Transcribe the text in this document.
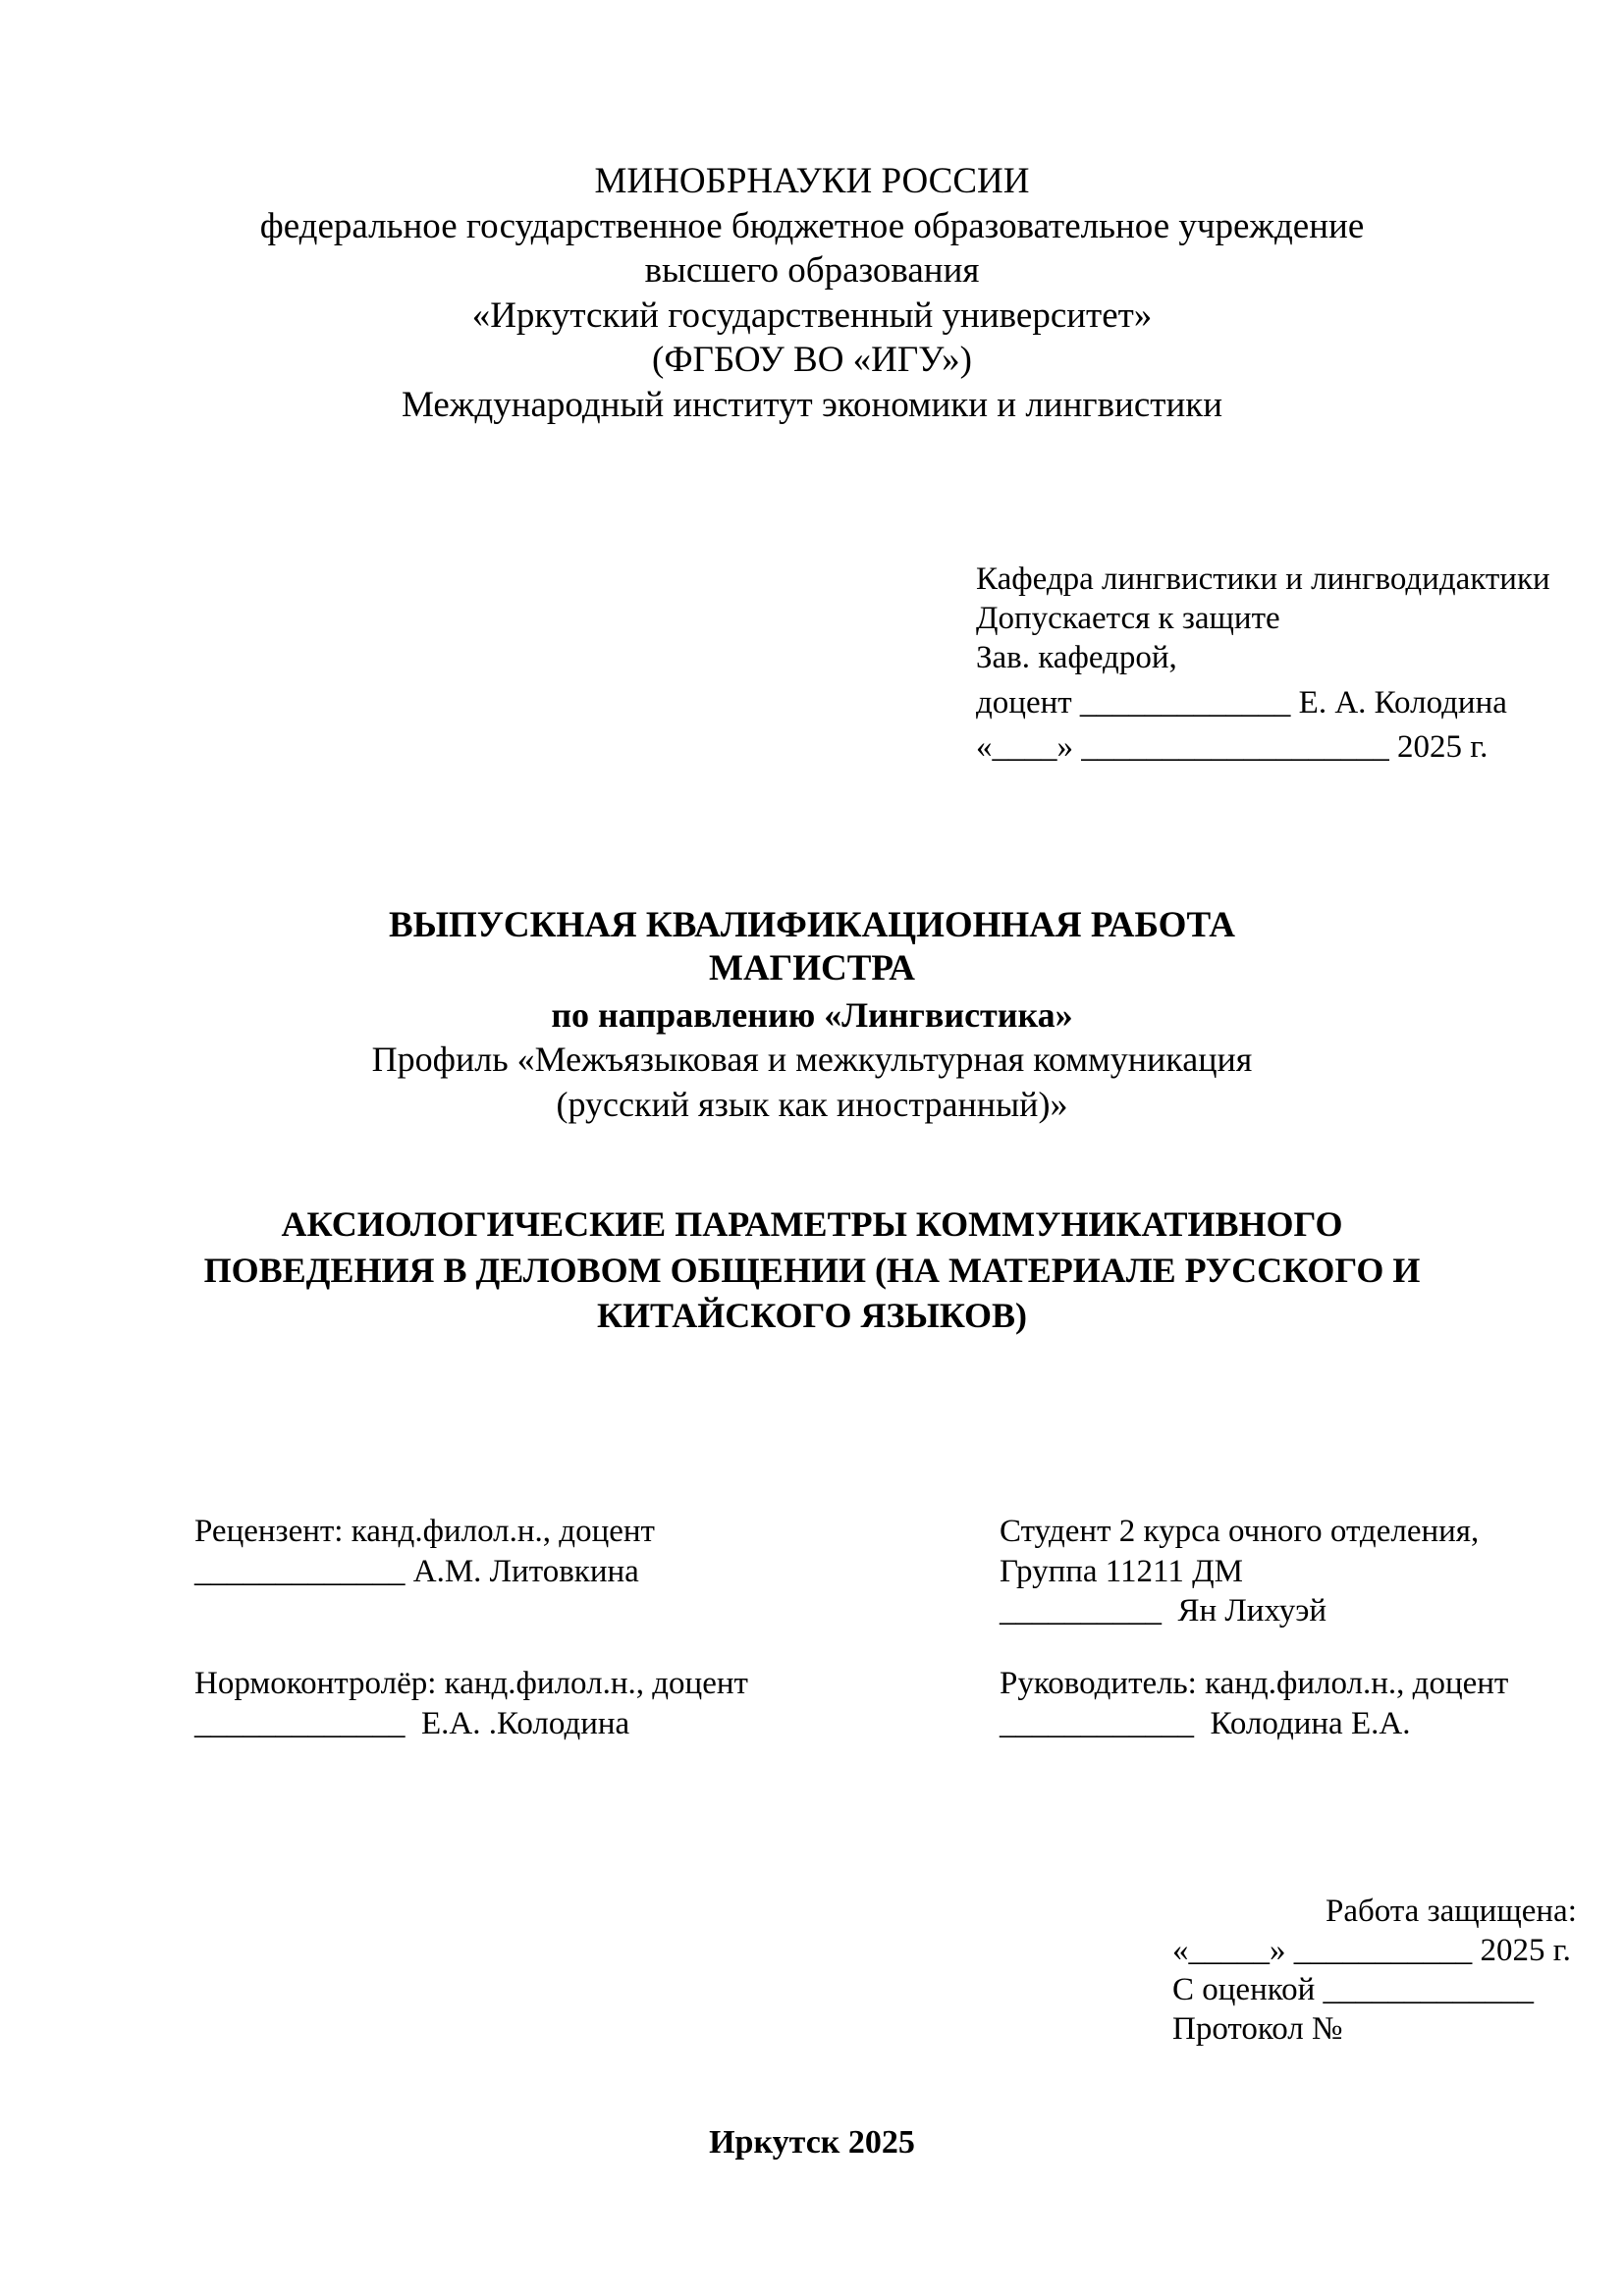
МИНОБРНАУКИ РОССИИ
федеральное государственное бюджетное образовательное учреждение
высшего образования
«Иркутский государственный университет»
(ФГБОУ ВО «ИГУ»)
Международный институт экономики и лингвистики
Кафедра лингвистики и лингводидактики
Допускается к защите
Зав. кафедрой,
доцент _____________ Е. А. Колодина
«____» ___________________ 2025 г.
ВЫПУСКНАЯ КВАЛИФИКАЦИОННАЯ РАБОТА
МАГИСТРА
по направлению «Лингвистика»
Профиль «Межъязыковая и межкультурная коммуникация
(русский язык как иностранный)»
АКСИОЛОГИЧЕСКИЕ ПАРАМЕТРЫ КОММУНИКАТИВНОГО
ПОВЕДЕНИЯ В ДЕЛОВОМ ОБЩЕНИИ (НА МАТЕРИАЛЕ РУССКОГО И
КИТАЙСКОГО ЯЗЫКОВ)
Рецензент: канд.филол.н., доцент
_____________ А.М. Литовкина
Студент 2 курса очного отделения,
Группа 11211 ДМ
__________  Ян Лихуэй
Нормоконтролёр: канд.филол.н., доцент
_____________  Е.А. .Колодина
Руководитель: канд.филол.н., доцент
____________  Колодина Е.А.
Работа защищена:
«_____» ___________ 2025 г.
С оценкой _____________
Протокол №
Иркутск 2025
